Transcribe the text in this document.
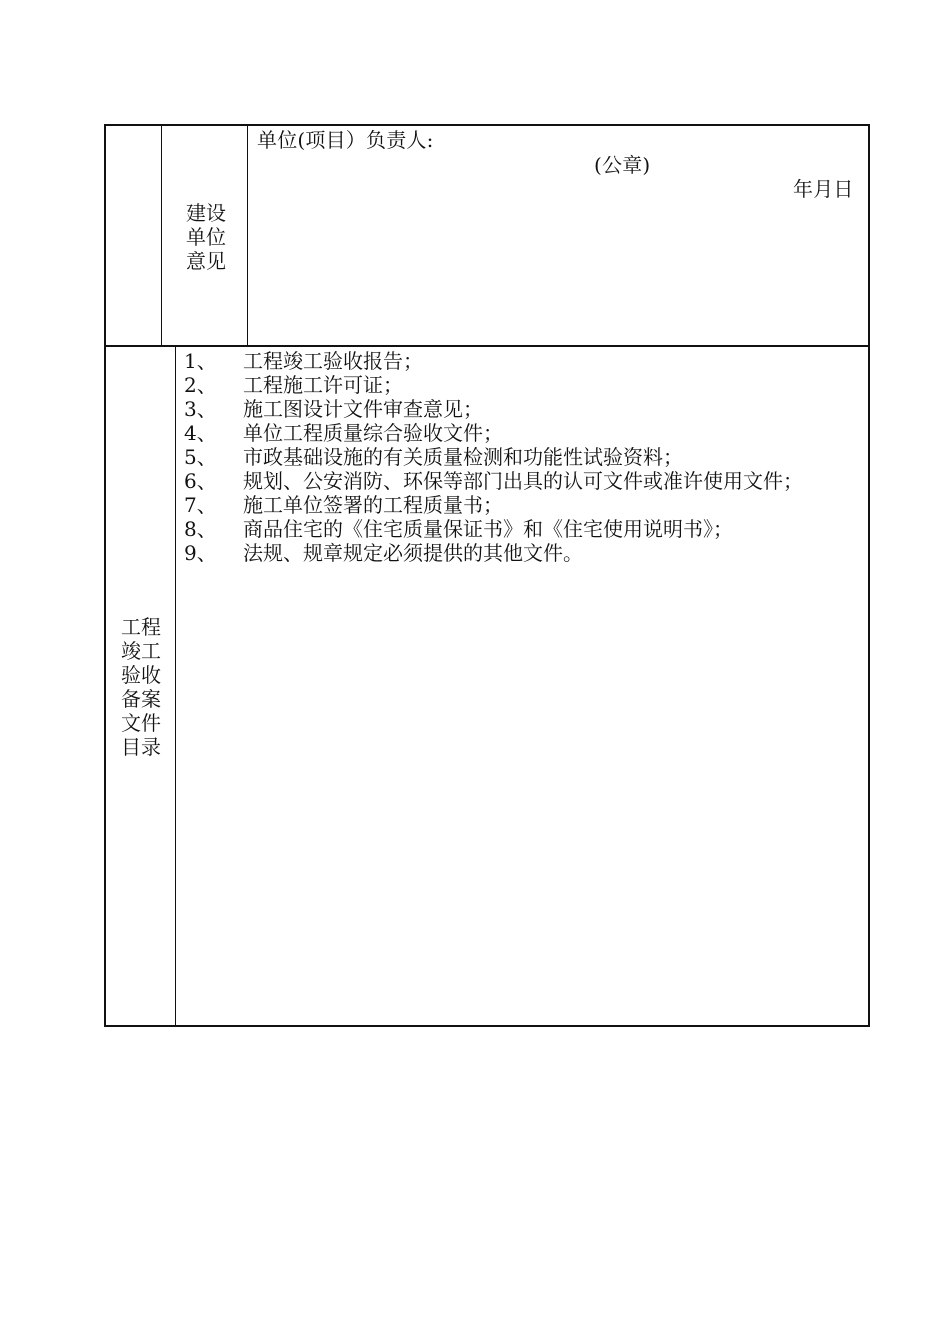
建设单位意见
单位(项目）负责人:
(公章)
年月日
工程竣工验收备案文件目录
1、	工程竣工验收报告；
2、	工程施工许可证；
3、	施工图设计文件审查意见；
4、	单位工程质量综合验收文件；
5、	市政基础设施的有关质量检测和功能性试验资料；
6、	规划、公安消防、环保等部门出具的认可文件或准许使用文件；
7、	施工单位签署的工程质量书；
8、	商品住宅的《住宅质量保证书》和《住宅使用说明书》；
9、	法规、规章规定必须提供的其他文件。
